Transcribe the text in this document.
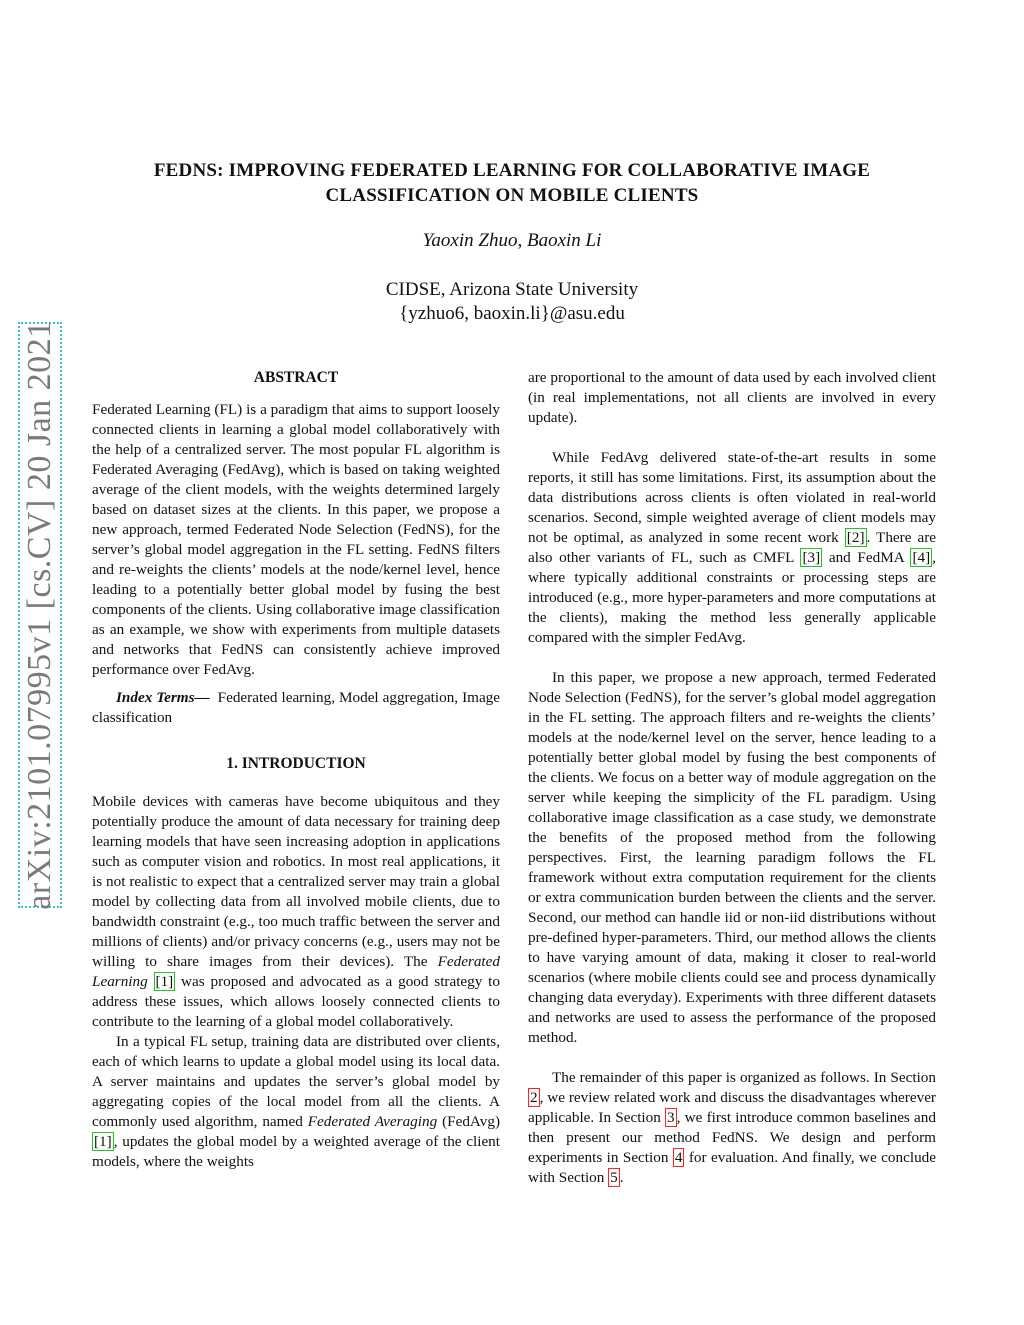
arXiv:2101.07995v1 [cs.CV] 20 Jan 2021
FEDNS: IMPROVING FEDERATED LEARNING FOR COLLABORATIVE IMAGE
CLASSIFICATION ON MOBILE CLIENTS
Yaoxin Zhuo, Baoxin Li
CIDSE, Arizona State University
{yzhuo6, baoxin.li}@asu.edu
ABSTRACT

Federated Learning (FL) is a paradigm that aims to support loosely connected clients in learning a global model collaboratively with the help of a centralized server. The most popular FL algorithm is Federated Averaging (FedAvg), which is based on taking weighted average of the client models, with the weights determined largely based on dataset sizes at the clients. In this paper, we propose a new approach, termed Federated Node Selection (FedNS), for the server’s global model aggregation in the FL setting. FedNS filters and re-weights the clients’ models at the node/kernel level, hence leading to a potentially better global model by fusing the best components of the clients. Using collaborative image classification as an example, we show with experiments from multiple datasets and networks that FedNS can consistently achieve improved performance over FedAvg.

Index Terms— Federated learning, Model aggregation, Image classification

1. INTRODUCTION

Mobile devices with cameras have become ubiquitous and they potentially produce the amount of data necessary for training deep learning models that have seen increasing adoption in applications such as computer vision and robotics. In most real applications, it is not realistic to expect that a centralized server may train a global model by collecting data from all involved mobile clients, due to bandwidth constraint (e.g., too much traffic between the server and millions of clients) and/or privacy concerns (e.g., users may not be willing to share images from their devices). The Federated Learning [1] was proposed and advocated as a good strategy to address these issues, which allows loosely connected clients to contribute to the learning of a global model collaboratively.

In a typical FL setup, training data are distributed over clients, each of which learns to update a global model using its local data. A server maintains and updates the server’s global model by aggregating copies of the local model from all the clients. A commonly used algorithm, named Federated Averaging (FedAvg) [1] , updates the global model by a weighted average of the client models, where the weights

are proportional to the amount of data used by each involved client (in real implementations, not all clients are involved in every update).

While FedAvg delivered state-of-the-art results in some reports, it still has some limitations. First, its assumption about the data distributions across clients is often violated in real-world scenarios. Second, simple weighted average of client models may not be optimal, as analyzed in some recent work [2] . There are also other variants of FL, such as CMFL [3] and FedMA [4] , where typically additional constraints or processing steps are introduced (e.g., more hyper-parameters and more computations at the clients), making the method less generally applicable compared with the simpler FedAvg.

In this paper, we propose a new approach, termed Federated Node Selection (FedNS), for the server’s global model aggregation in the FL setting. The approach filters and re-weights the clients’ models at the node/kernel level on the server, hence leading to a potentially better global model by fusing the best components of the clients. We focus on a better way of module aggregation on the server while keeping the simplicity of the FL paradigm. Using collaborative image classification as a case study, we demonstrate the benefits of the proposed method from the following perspectives. First, the learning paradigm follows the FL framework without extra computation requirement for the clients or extra communication burden between the clients and the server. Second, our method can handle iid or non-iid distributions without pre-defined hyper-parameters. Third, our method allows the clients to have varying amount of data, making it closer to real-world scenarios (where mobile clients could see and process dynamically changing data everyday). Experiments with three different datasets and networks are used to assess the performance of the proposed method.

The remainder of this paper is organized as follows. In Section 2 , we review related work and discuss the disadvantages wherever applicable. In Section 3 , we first introduce common baselines and then present our method FedNS. We design and perform experiments in Section 4 for evaluation. And finally, we conclude with Section 5 .
